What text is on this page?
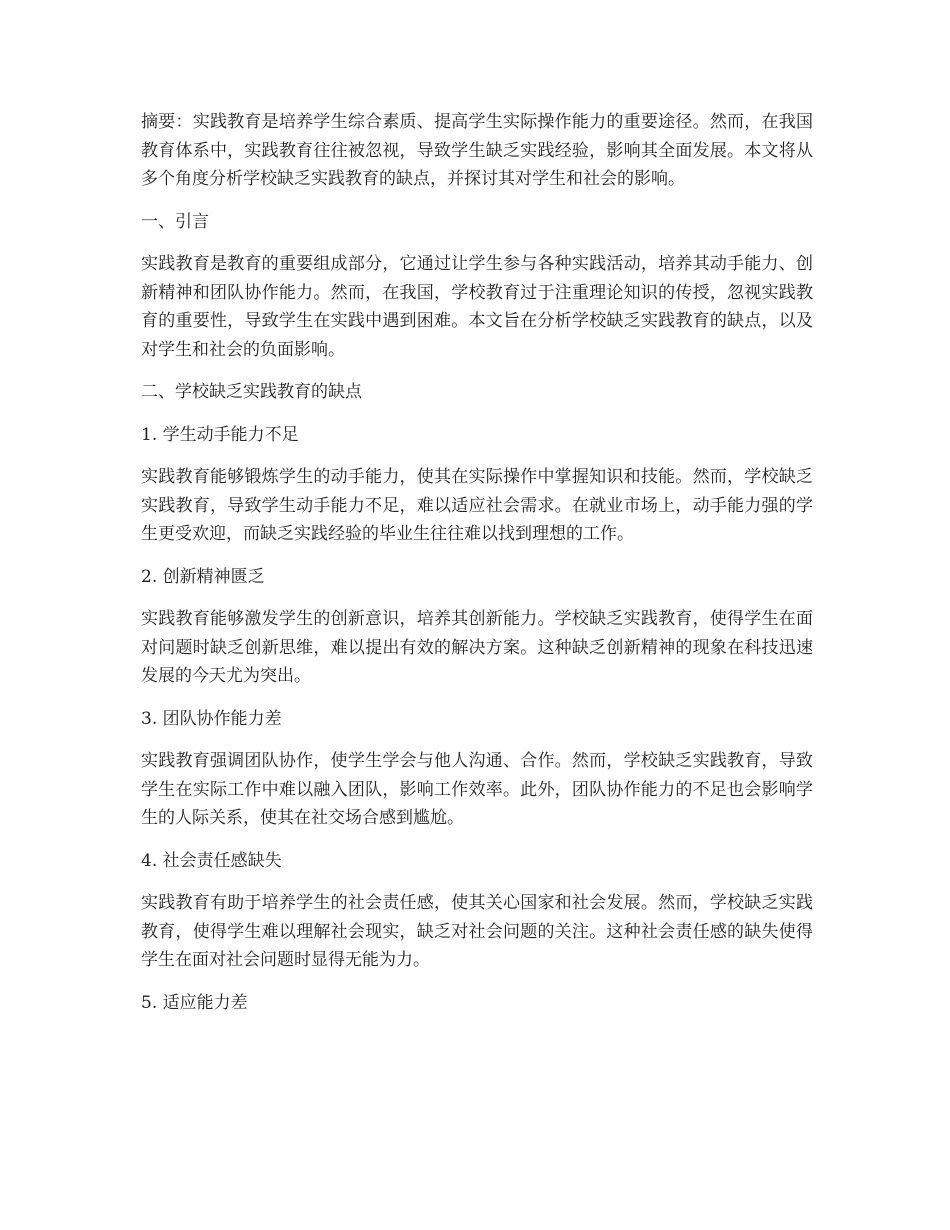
摘要：实践教育是培养学生综合素质、提高学生实际操作能力的重要途径。然而，在我国教育体系中，实践教育往往被忽视，导致学生缺乏实践经验，影响其全面发展。本文将从多个角度分析学校缺乏实践教育的缺点，并探讨其对学生和社会的影响。

一、引言

实践教育是教育的重要组成部分，它通过让学生参与各种实践活动，培养其动手能力、创新精神和团队协作能力。然而，在我国，学校教育过于注重理论知识的传授，忽视实践教育的重要性，导致学生在实践中遇到困难。本文旨在分析学校缺乏实践教育的缺点，以及对学生和社会的负面影响。

二、学校缺乏实践教育的缺点

1. 学生动手能力不足

实践教育能够锻炼学生的动手能力，使其在实际操作中掌握知识和技能。然而，学校缺乏实践教育，导致学生动手能力不足，难以适应社会需求。在就业市场上，动手能力强的学生更受欢迎，而缺乏实践经验的毕业生往往难以找到理想的工作。

2. 创新精神匮乏

实践教育能够激发学生的创新意识，培养其创新能力。学校缺乏实践教育，使得学生在面对问题时缺乏创新思维，难以提出有效的解决方案。这种缺乏创新精神的现象在科技迅速发展的今天尤为突出。

3. 团队协作能力差

实践教育强调团队协作，使学生学会与他人沟通、合作。然而，学校缺乏实践教育，导致学生在实际工作中难以融入团队，影响工作效率。此外，团队协作能力的不足也会影响学生的人际关系，使其在社交场合感到尴尬。

4. 社会责任感缺失

实践教育有助于培养学生的社会责任感，使其关心国家和社会发展。然而，学校缺乏实践教育，使得学生难以理解社会现实，缺乏对社会问题的关注。这种社会责任感的缺失使得学生在面对社会问题时显得无能为力。

5. 适应能力差
